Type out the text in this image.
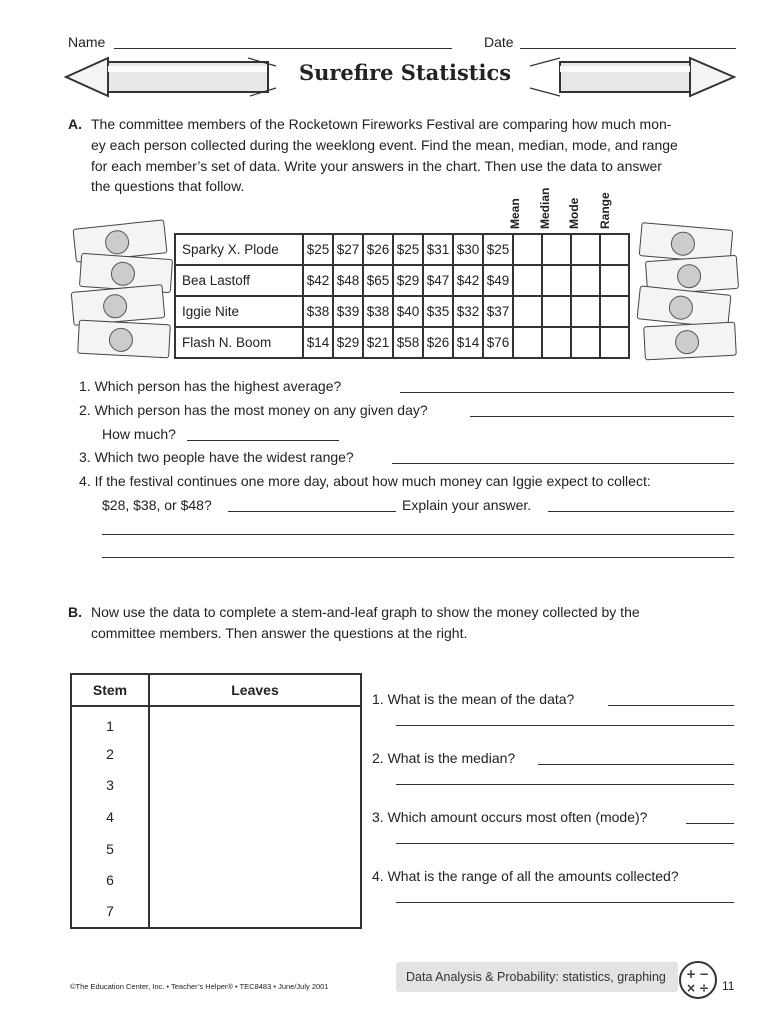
Name	Date
Surefire Statistics
A. The committee members of the Rocketown Fireworks Festival are comparing how much mon-
ey each person collected during the weeklong event. Find the mean, median, mode, and range
for each member’s set of data. Write your answers in the chart. Then use the data to answer
the questions that follow.
Mean Median Mode Range
Sparky X. Plode	$25	$27	$26	$25	$31	$30	$25				
Bea Lastoff	$42	$48	$65	$29	$47	$42	$49				
Iggie Nite	$38	$39	$38	$40	$35	$32	$37				
Flash N. Boom	$14	$29	$21	$58	$26	$14	$76				
1. Which person has the highest average?
2. Which person has the most money on any given day?
How much?
3. Which two people have the widest range?
4. If the festival continues one more day, about how much money can Iggie expect to collect:
$28, $38, or $48?	Explain your answer.
B. Now use the data to complete a stem-and-leaf graph to show the money collected by the
committee members. Then answer the questions at the right.
Stem	Leaves
1	
2	
3	
4	
5	
6	
7	
1. What is the mean of the data?
2. What is the median?
3. Which amount occurs most often (mode)?
4. What is the range of all the amounts collected?
©The Education Center, Inc. • Teacher’s Helper® • TEC8483 • June/July 2001
Data Analysis & Probability: statistics, graphing + −
× ÷ 11
